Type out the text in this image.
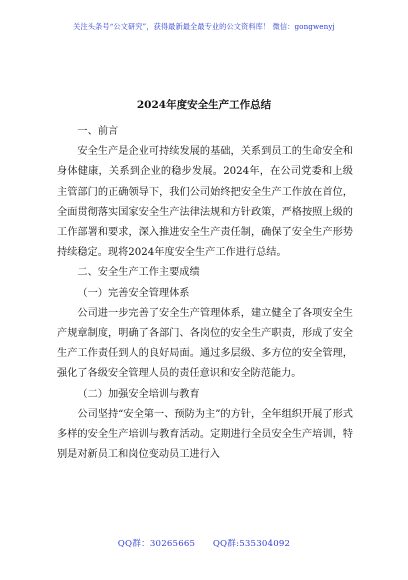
关注头条号“公文研究”，获得最新最全最专业的公文资料库！ 微信：gongwenyj
2024年度安全生产工作总结

一、前言

安全生产是企业可持续发展的基础，关系到员工的生命安全和身体健康，关系到企业的稳步发展。2024年，在公司党委和上级主管部门的正确领导下，我们公司始终把安全生产工作放在首位，全面贯彻落实国家安全生产法律法规和方针政策，严格按照上级的工作部署和要求，深入推进安全生产责任制，确保了安全生产形势持续稳定。现将2024年度安全生产工作进行总结。

二、安全生产工作主要成绩

（一）完善安全管理体系

公司进一步完善了安全生产管理体系，建立健全了各项安全生产规章制度，明确了各部门、各岗位的安全生产职责，形成了安全生产工作责任到人的良好局面。通过多层级、多方位的安全管理，强化了各级安全管理人员的责任意识和安全防范能力。

（二）加强安全培训与教育

公司坚持“安全第一、预防为主”的方针，全年组织开展了形式多样的安全生产培训与教育活动。定期进行全员安全生产培训，特别是对新员工和岗位变动员工进行入

QQ群：30265665 QQ群:535304092
